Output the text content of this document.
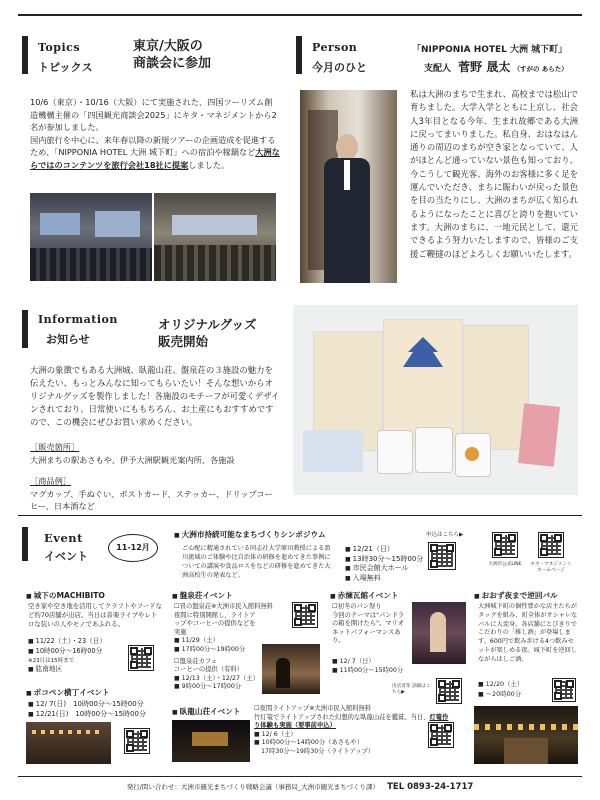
Topics
トピックス
東京/大阪の
商談会に参加
10/6（東京）・10/16（大阪）にて実施された、四国ツーリズム創造機構主催の「四国観光商談会2025」にキタ・マネジメントから2名が参加しました。
国内旅行を中心に、来年春以降の新規ツアーの企画造成を促進するため、「NIPPONIA HOTEL 大洲 城下町」への宿泊や稼鍋など大洲ならではのコンテンツを旅行会社18社に提案しました。
Person
今月のひと
「NIPPONIA HOTEL 大洲 城下町」
支配人 菅野 晟太 （すがの あらた）
私は大洲のまちで生まれ、高校までは松山で育ちました。大学入学とともに上京し、社会人3年目となる今年、生まれ故郷である大洲に戻ってまいりました。私自身、おはなはん通りの周辺のまちが空き家となっていて、人がほとんど通っていない景色も知っており、今こうして観光客、海外のお客様に多く足を運んでいただき、まちに賑わいが戻った景色を目の当たりにし、大洲のまちが広く知られるようになったことに喜びと誇りを抱いています。大洲のまちに、一地元民として、還元できるよう努力いたしますので、皆様のご支援ご鞭撻のほどよろしくお願いいたします。
Information
お知らせ
オリジナルグッズ
販売開始
大洲の象徴でもある大洲城、臥龍山荘、盤泉荘の３施設の魅力を伝えたい、もっとみんなに知ってもらいたい！そんな想いからオリジナルグッズを製作しました！各施設のモチーフが可愛くデザインされており、日常使いにももちろん、お土産にもおすすめですので、この機会にぜひお買い求めください。
［販売箇所］
大洲まちの駅あさもや、伊予大洲駅観光案内所、各施設
［商品例］
マグカップ、手ぬぐい、ポストカード、ステッカー、ドリップコーヒー、日本酒など
Event
イベント
11-12月
■ 大洲市持続可能なまちづくりシンポジウム
ご心配に精通されている同志社大学原田教授による盈川流域のご体験や比自治体の研修を進めてきた事例についての講演や食品ロスをなどの研修を進めてきた大洲高校生の発表など。
■ 12/21（日）
■ 13時30分～15時00分
■ 市民会館大ホール
■ 入場無料
申込はこちら▶
大洲市公式LINE キタ・マネジメントホームページ
■ 城下のMACHIBITO
空き家や空き地を活用してクラフトやフードなど約70店舗が出店。当日は音楽ライブやレトロな装いの人やモノであふれる。
■ 11/22（土）・23（日）
■ 10時00分～16時00分
※23日は15時まで
■ 肱南地区
■ ポコペン横丁イベント
■ 12/ 7(日)　 10時00分～15時00分
■ 12/21(日)　 10時00分～15時00分
■ 盤泉荘イベント
☐冒の盤泉荘※大洲市民入館料無料
夜間に特別開館し、ライトアップやコーヒーの提供などを実施
■ 11/29（土）
■ 17時00分～19時00分
☐盤泉荘カフェ
コーヒーの提供（有料）
■ 12/13（土）・12/27（土）
■ 9時00分～17時00分
■ 臥龍山荘イベント ☐夜間ライトアップ※大洲市民入館料無料
竹灯篭でライトアップされた幻想的な臥龍山荘を鑑賞。当日、灯篭作り体験も実施（要事前申込）
■ 12/ 6（土）
■ 10時00分～14時00分（あさもや）
17時30分～19時30分（ライトアップ）
■ 赤煉瓦館イベント
☐初冬のパン祭り
今回のテーマは"パンドラの箱を開けたら"。マリオネットパフォーマンスあり。
■ 12/ 7（日）
■ 11時00分～15時00分
出店者等 詳細はこちら▶
■ おおず夜まで逆回バル
大洲城下町の個性豊かな店主たちがタッグを組み、町全体がオシャレなバルに大変身。各店舗にとびきりでこだわりの「推し酒」が登場します。600円で飲み歩ける4つ飲みセットが楽しめる夜。城下町を逆回しながらはしご酒。
■ 12/20（土）
■ ～20時00分
発行/問い合わせ：大洲市観光まちづくり戦略会議（事務局_大洲市観光まちづくり課） TEL 0893-24-1717
